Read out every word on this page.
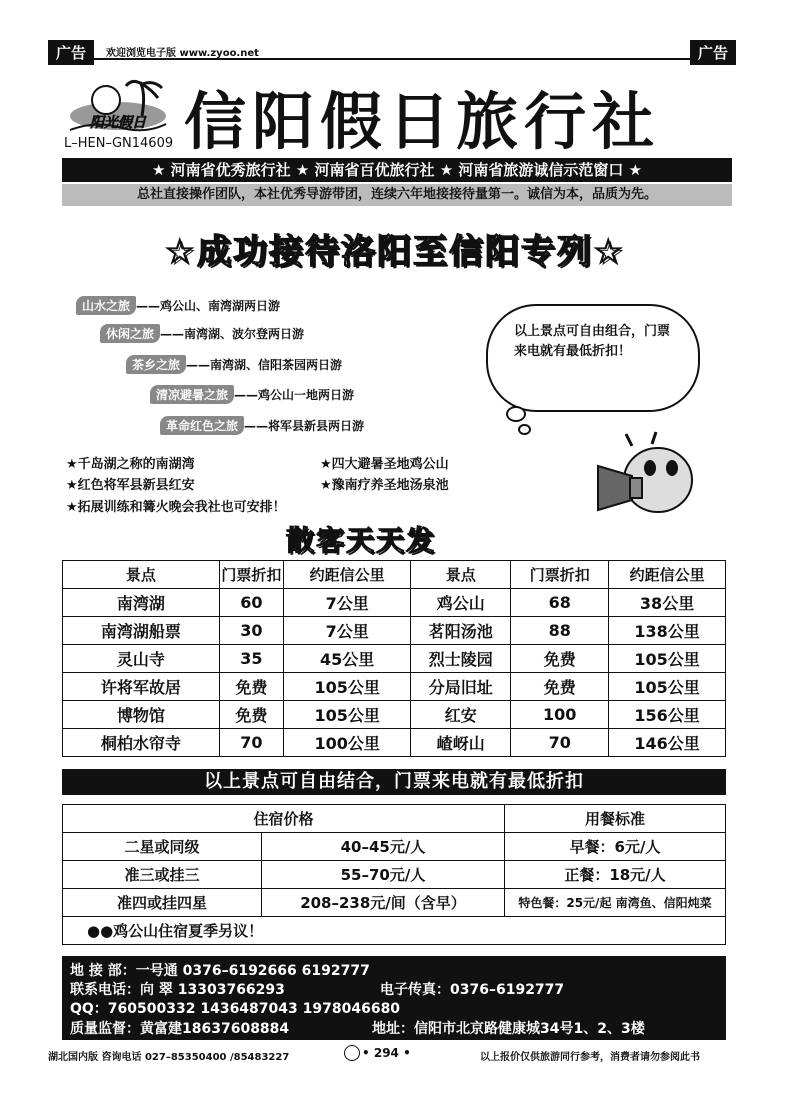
广告	欢迎浏览电子版 www.zyoo.net	广告
阳光假日
L–HEN–GN14609 信阳假日旅行社
★ 河南省优秀旅行社 ★ 河南省百优旅行社 ★ 河南省旅游诚信示范窗口 ★
总社直接操作团队，本社优秀导游带团，连续六年地接接待量第一。诚信为本，品质为先。
☆成功接待洛阳至信阳专列☆
山水之旅 ——鸡公山、南湾湖两日游
休闲之旅 ——南湾湖、波尔登两日游
茶乡之旅 ——南湾湖、信阳茶园两日游
清凉避暑之旅 ——鸡公山一地两日游
革命红色之旅 ——将军县新县两日游
以上景点可自由组合，门票来电就有最低折扣！
★千岛湖之称的南湖湾
★红色将军县新县红安
★四大避暑圣地鸡公山
★豫南疗养圣地汤泉池
★拓展训练和篝火晚会我社也可安排！
散客天天发
景点	门票折扣	约距信公里	景点	门票折扣	约距信公里
南湾湖	60	7公里	鸡公山	68	38公里
南湾湖船票	30	7公里	茗阳汤池	88	138公里
灵山寺	35	45公里	烈士陵园	免费	105公里
许将军故居	免费	105公里	分局旧址	免费	105公里
博物馆	免费	105公里	红安	100	156公里
桐柏水帘寺	70	100公里	嵖岈山	70	146公里
以上景点可自由结合，门票来电就有最低折扣
住宿价格		用餐标准
二星或同级	40–45元/人	早餐：6元/人
准三或挂三	55–70元/人	正餐：18元/人
准四或挂四星	208–238元/间（含早）	特色餐：25元/起 南湾鱼、信阳炖菜
●●鸡公山住宿夏季另议！		
地 接 部：一号通 0376–6192666 6192777
联系电话：向 翠 13303766293	电子传真：0376–6192777
QQ：760500332 1436487043 1978046680
质量监督：黄富建18637608884	地址：信阳市北京路健康城34号1、2、3楼
湖北国内版 咨询电话 027–85350400 /85483227	• 294 •	以上报价仅供旅游同行参考，消费者请勿参阅此书
